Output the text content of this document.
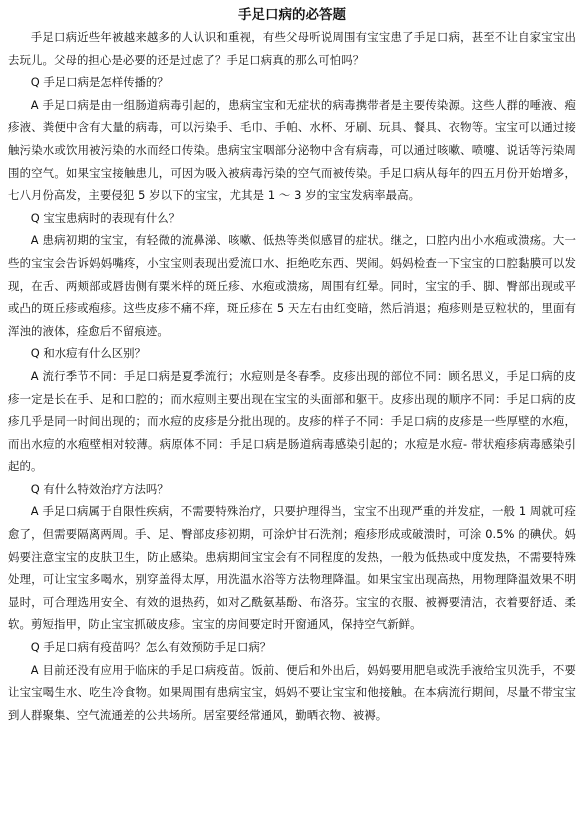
手足口病的必答题

手足口病近些年被越来越多的人认识和重视，有些父母听说周围有宝宝患了手足口病，甚至不让自家宝宝出去玩儿。父母的担心是必要的还是过虑了？手足口病真的那么可怕吗？

Q 手足口病是怎样传播的？

A 手足口病是由一组肠道病毒引起的，患病宝宝和无症状的病毒携带者是主要传染源。这些人群的唾液、疱疹液、粪便中含有大量的病毒，可以污染手、毛巾、手帕、水杯、牙刷、玩具、餐具、衣物等。宝宝可以通过接触污染水或饮用被污染的水而经口传染。患病宝宝咽部分泌物中含有病毒，可以通过咳嗽、喷嚏、说话等污染周围的空气。如果宝宝接触患儿，可因为吸入被病毒污染的空气而被传染。手足口病从每年的四五月份开始增多，七八月份高发，主要侵犯 5 岁以下的宝宝，尤其是 1 ～ 3 岁的宝宝发病率最高。

Q 宝宝患病时的表现有什么？

A 患病初期的宝宝，有轻微的流鼻涕、咳嗽、低热等类似感冒的症状。继之，口腔内出小水疱或溃疡。大一些的宝宝会告诉妈妈嘴疼，小宝宝则表现出爱流口水、拒绝吃东西、哭闹。妈妈检查一下宝宝的口腔黏膜可以发现，在舌、两颊部或唇齿侧有粟米样的斑丘疹、水疱或溃疡，周围有红晕。同时，宝宝的手、脚、臀部出现或平或凸的斑丘疹或疱疹。这些皮疹不痛不痒，斑丘疹在 5 天左右由红变暗，然后消退；疱疹则是豆粒状的，里面有浑浊的液体，痊愈后不留痕迹。

Q 和水痘有什么区别？

A 流行季节不同：手足口病是夏季流行；水痘则是冬春季。皮疹出现的部位不同：顾名思义，手足口病的皮疹一定是长在手、足和口腔的；而水痘则主要出现在宝宝的头面部和躯干。皮疹出现的顺序不同：手足口病的皮疹几乎是同一时间出现的；而水痘的皮疹是分批出现的。皮疹的样子不同：手足口病的皮疹是一些厚壁的水疱，而出水痘的水疱壁相对较薄。病原体不同：手足口病是肠道病毒感染引起的；水痘是水痘- 带状疱疹病毒感染引起的。

Q 有什么特效治疗方法吗？

A 手足口病属于自限性疾病，不需要特殊治疗，只要护理得当，宝宝不出现严重的并发症，一般 1 周就可痊愈了，但需要隔离两周。手、足、臀部皮疹初期，可涂炉甘石洗剂；疱疹形成或破溃时，可涂 0.5% 的碘伏。妈妈要注意宝宝的皮肤卫生，防止感染。患病期间宝宝会有不同程度的发热，一般为低热或中度发热，不需要特殊处理，可让宝宝多喝水，别穿盖得太厚，用洗温水浴等方法物理降温。如果宝宝出现高热，用物理降温效果不明显时，可合理选用安全、有效的退热药，如对乙酰氨基酚、布洛芬。宝宝的衣服、被褥要清洁，衣着要舒适、柔软。剪短指甲，防止宝宝抓破皮疹。宝宝的房间要定时开窗通风，保持空气新鲜。

Q 手足口病有疫苗吗？怎么有效预防手足口病？

A 目前还没有应用于临床的手足口病疫苗。饭前、便后和外出后，妈妈要用肥皂或洗手液给宝贝洗手，不要让宝宝喝生水、吃生冷食物。如果周围有患病宝宝，妈妈不要让宝宝和他接触。在本病流行期间，尽量不带宝宝到人群聚集、空气流通差的公共场所。居室要经常通风，勤晒衣物、被褥。
